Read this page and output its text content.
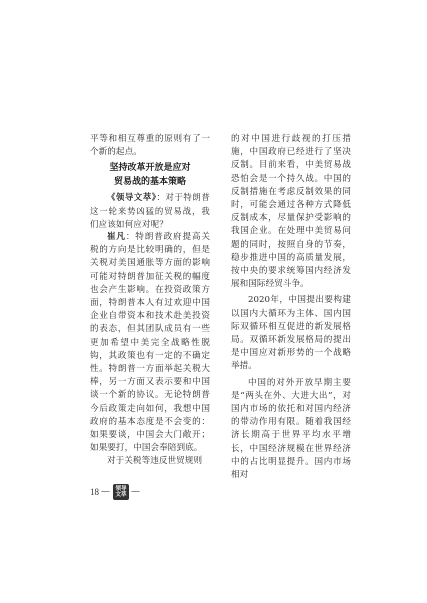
平等和相互尊重的原则有了一个新的起点。

坚持改革开放是应对
贸易战的基本策略

《领导文萃》：对于特朗普这一轮来势凶猛的贸易战，我们应该如何应对呢？

崔凡：特朗普政府提高关税的方向是比较明确的，但是关税对美国通胀等方面的影响可能对特朗普加征关税的幅度也会产生影响。在投资政策方面，特朗普本人有过欢迎中国企业自带资本和技术赴美投资的表态，但其团队成员有一些更加希望中美完全战略性脱钩，其政策也有一定的不确定性。特朗普一方面举起关税大棒，另一方面又表示要和中国谈一个新的协议。无论特朗普今后政策走向如何，我想中国政府的基本态度是不会变的：如果要谈，中国会大门敞开；如果要打，中国会奉陪到底。

对于关税等违反世贸规则

的对中国进行歧视的打压措施，中国政府已经进行了坚决反制。目前来看，中美贸易战恐怕会是一个持久战。中国的反制措施在考虑反制效果的同时，可能会通过各种方式降低反制成本，尽量保护受影响的我国企业。在处理中美贸易问题的同时，按照自身的节奏，稳步推进中国的高质量发展，按中央的要求统筹国内经济发展和国际经贸斗争。

2020年，中国提出要构建以国内大循环为主体、国内国际双循环相互促进的新发展格局。双循环新发展格局的提出是中国应对新形势的一个战略举措。

中国的对外开放早期主要是“两头在外、大进大出”，对国内市场的依托和对国内经济的带动作用有限。随着我国经济长期高于世界平均水平增长，中国经济规模在世界经济中的占比明显提升。国内市场相对

18 — 领导
文萃 —
